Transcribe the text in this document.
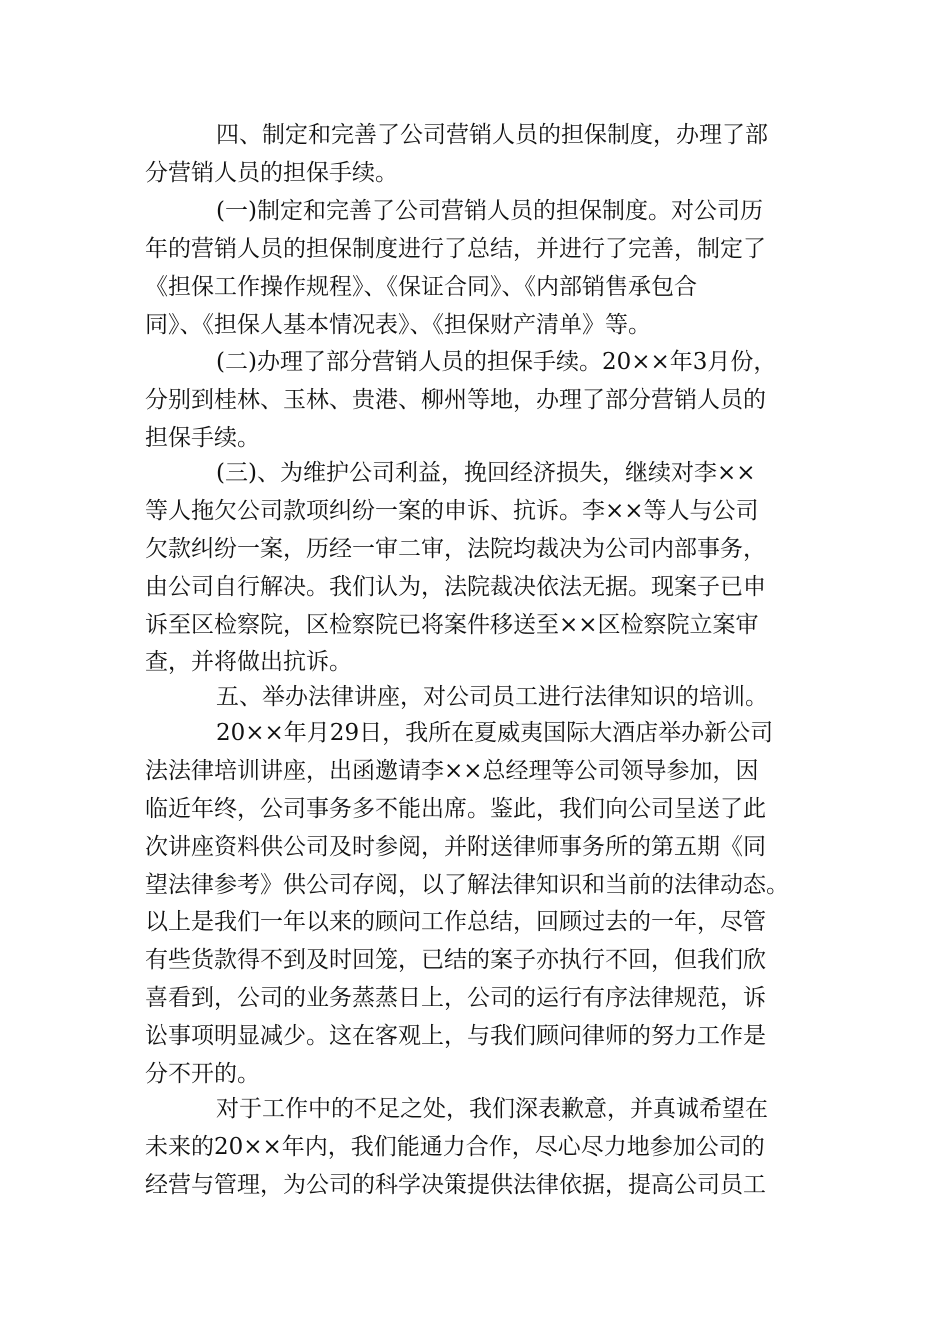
四、制定和完善了公司营销人员的担保制度，办理了部
分营销人员的担保手续。
(一)制定和完善了公司营销人员的担保制度。对公司历
年的营销人员的担保制度进行了总结，并进行了完善，制定了
《担保工作操作规程》、《保证合同》、《内部销售承包合
同》、《担保人基本情况表》、《担保财产清单》等。
(二)办理了部分营销人员的担保手续。20××年3月份，
分别到桂林、玉林、贵港、柳州等地，办理了部分营销人员的
担保手续。
(三)、为维护公司利益，挽回经济损失，继续对李××
等人拖欠公司款项纠纷一案的申诉、抗诉。李××等人与公司
欠款纠纷一案，历经一审二审，法院均裁决为公司内部事务，
由公司自行解决。我们认为，法院裁决依法无据。现案子已申
诉至区检察院，区检察院已将案件移送至××区检察院立案审
查，并将做出抗诉。
五、举办法律讲座，对公司员工进行法律知识的培训。
20××年月29日，我所在夏威夷国际大酒店举办新公司
法法律培训讲座，出函邀请李××总经理等公司领导参加，因
临近年终，公司事务多不能出席。鉴此，我们向公司呈送了此
次讲座资料供公司及时参阅，并附送律师事务所的第五期《同
望法律参考》供公司存阅，以了解法律知识和当前的法律动态。
以上是我们一年以来的顾问工作总结，回顾过去的一年，尽管
有些货款得不到及时回笼，已结的案子亦执行不回，但我们欣
喜看到，公司的业务蒸蒸日上，公司的运行有序法律规范，诉
讼事项明显减少。这在客观上，与我们顾问律师的努力工作是
分不开的。
对于工作中的不足之处，我们深表歉意，并真诚希望在
未来的20××年内，我们能通力合作，尽心尽力地参加公司的
经营与管理，为公司的科学决策提供法律依据，提高公司员工
